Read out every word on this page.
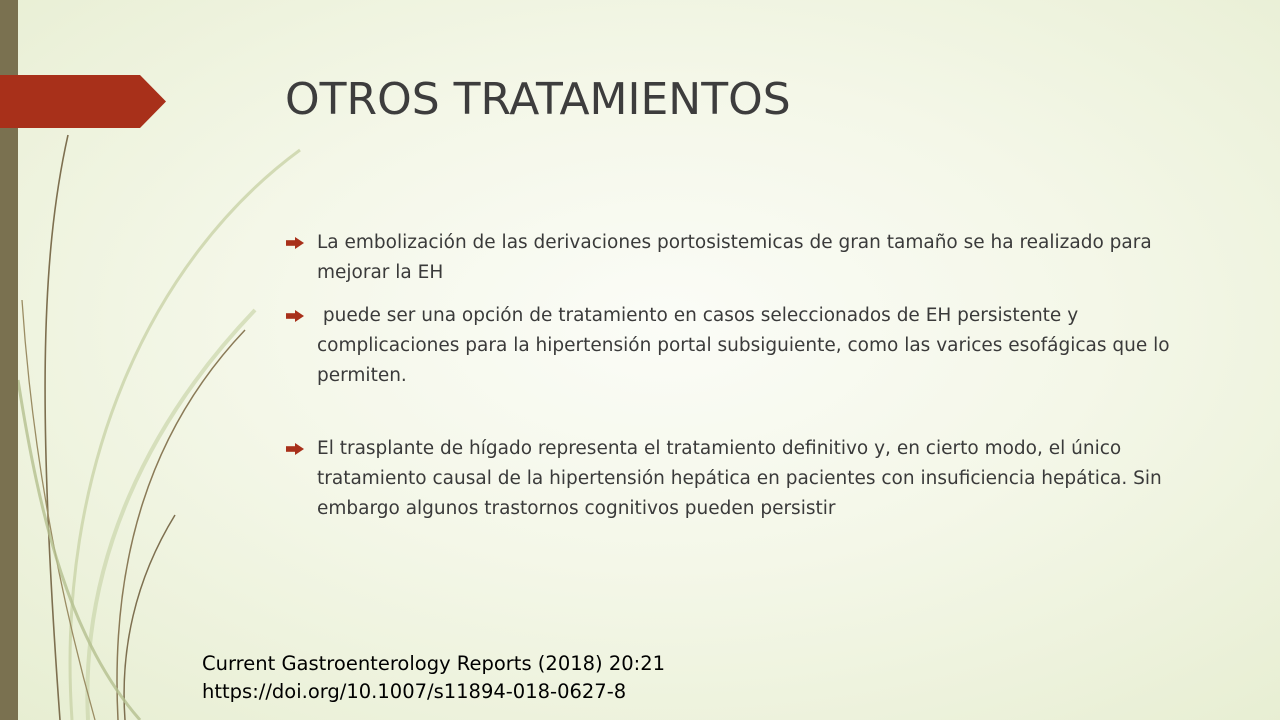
OTROS TRATAMIENTOS
La embolización de las derivaciones portosistemicas de gran tamaño se ha realizado para mejorar la EH
puede ser una opción de tratamiento en casos seleccionados de EH persistente y complicaciones para la hipertensión portal subsiguiente, como las varices esofágicas que lo permiten.
El trasplante de hígado representa el tratamiento definitivo y, en cierto modo, el único tratamiento causal de la hipertensión hepática en pacientes con insuficiencia hepática. Sin embargo algunos trastornos cognitivos pueden persistir
Current Gastroenterology Reports (2018) 20:21
https://doi.org/10.1007/s11894-018-0627-8
